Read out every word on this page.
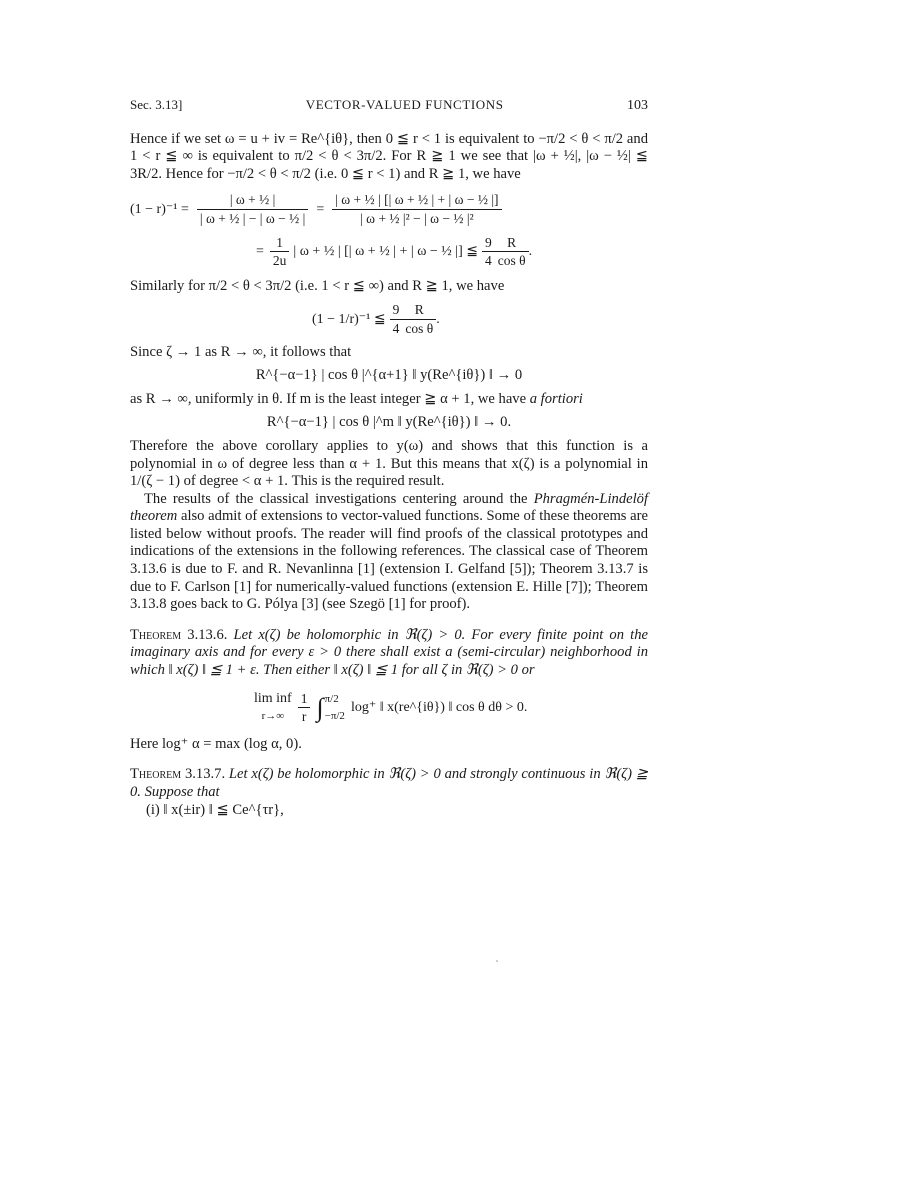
Sec. 3.13]	VECTOR-VALUED FUNCTIONS	103

Hence if we set ω = u + iv = Re^{iθ}, then 0 ≦ r < 1 is equivalent to −π/2 < θ < π/2 and 1 < r ≦ ∞ is equivalent to π/2 < θ < 3π/2. For R ≧ 1 we see that |ω + ½|, |ω − ½| ≦ 3R/2. Hence for −π/2 < θ < π/2 (i.e. 0 ≦ r < 1) and R ≧ 1, we have

$(1 - r)^{-1} = \frac{\text{| ω + ½ |}}{\text{| ω + ½ | − | ω − ½ |}} = \frac{\text{| ω + ½ | [| ω + ½ | + | ω − ½ |]}}{\text{| ω + ½ |² − | ω − ½ |²}}$
= $\frac{1}{2u}$ | ω + ½ | [| ω + ½ | + | ω − ½ |] ≦ $\frac{9}{4} \frac{R}{\text{cos θ}}$ .

Similarly for π/2 < θ < 3π/2 (i.e. 1 < r ≦ ∞) and R ≧ 1, we have

(1 − 1/r)⁻¹ ≦ $\frac{9}{4} \frac{R}{\text{cos θ}}$ .

Since ζ → 1 as R → ∞, it follows that

R^{−α−1} | cos θ |^{α+1} ‖ y(Re^{iθ}) ‖ → 0

as R → ∞, uniformly in θ. If m is the least integer ≧ α + 1, we have a fortiori

R^{−α−1} | cos θ |^m ‖ y(Re^{iθ}) ‖ → 0.

Therefore the above corollary applies to y(ω) and shows that this function is a polynomial in ω of degree less than α + 1. But this means that x(ζ) is a polynomial in 1/(ζ − 1) of degree < α + 1. This is the required result.

The results of the classical investigations centering around the Phragmén-Lindelöf theorem also admit of extensions to vector-valued functions. Some of these theorems are listed below without proofs. The reader will find proofs of the classical prototypes and indications of the extensions in the following references. The classical case of Theorem 3.13.6 is due to F. and R. Nevanlinna [1] (extension I. Gelfand [5]); Theorem 3.13.7 is due to F. Carlson [1] for numerically-valued functions (extension E. Hille [7]); Theorem 3.13.8 goes back to G. Pólya [3] (see Szegö [1] for proof).

Theorem 3.13.6. Let x(ζ) be holomorphic in ℜ(ζ) > 0. For every finite point on the imaginary axis and for every ε > 0 there shall exist a (semi-circular) neighborhood in which ‖ x(ζ) ‖ ≦ 1 + ε. Then either ‖ x(ζ) ‖ ≦ 1 for all ζ in ℜ(ζ) > 0 or

lim inf
$r\to\infty \frac{1}{r}$ ∫ π/2
−π/2
log⁺ ‖ x(re^{iθ}) ‖ cos θ dθ > 0.

Here log⁺ α = max (log α, 0).

Theorem 3.13.7. Let x(ζ) be holomorphic in ℜ(ζ) > 0 and strongly continuous in ℜ(ζ) ≧ 0. Suppose that

(i) ‖ x(±ir) ‖ ≦ Ce^{τr},
